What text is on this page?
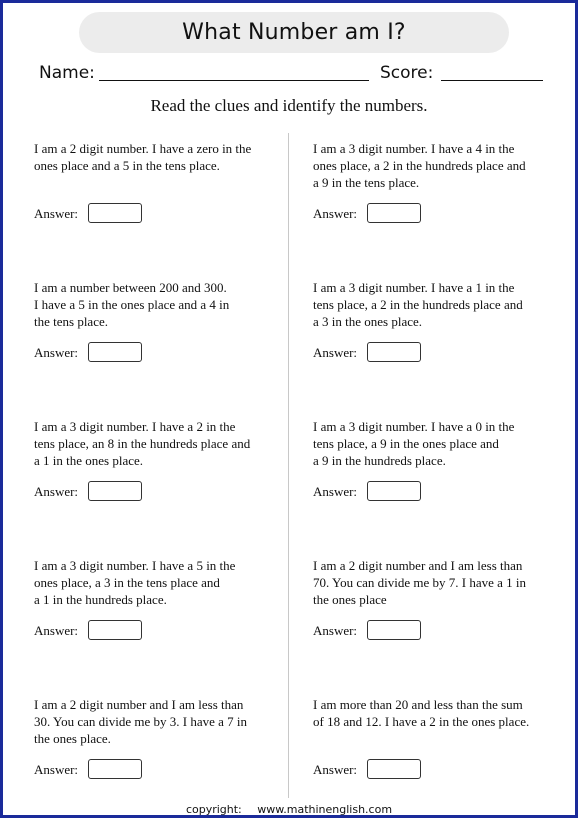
What Number am I?
Name:	Score:
Read the clues and identify the numbers.

I am a 2 digit number. I have a zero in the
ones place and a 5 in the tens place.

Answer:

I am a 3 digit number. I have a 4 in the
ones place, a 2 in the hundreds place and
a 9 in the tens place.

Answer:

I am a number between 200 and 300.
I have a 5 in the ones place and a 4 in
the tens place.

Answer:

I am a 3 digit number. I have a 1 in the
tens place, a 2 in the hundreds place and
a 3 in the ones place.

Answer:

I am a 3 digit number. I have a 2 in the
tens place, an 8 in the hundreds place and
a 1 in the ones place.

Answer:

I am a 3 digit number. I have a 0 in the
tens place, a 9 in the ones place and
a 9 in the hundreds place.

Answer:

I am a 3 digit number. I have a 5 in the
ones place, a 3 in the tens place and
a 1 in the hundreds place.

Answer:

I am a 2 digit number and I am less than
70. You can divide me by 7. I have a 1 in
the ones place

Answer:

I am a 2 digit number and I am less than
30. You can divide me by 3. I have a 7 in
the ones place.

Answer:

I am more than 20 and less than the sum
of 18 and 12. I have a 2 in the ones place.

Answer:
copyright: www.mathinenglish.com
